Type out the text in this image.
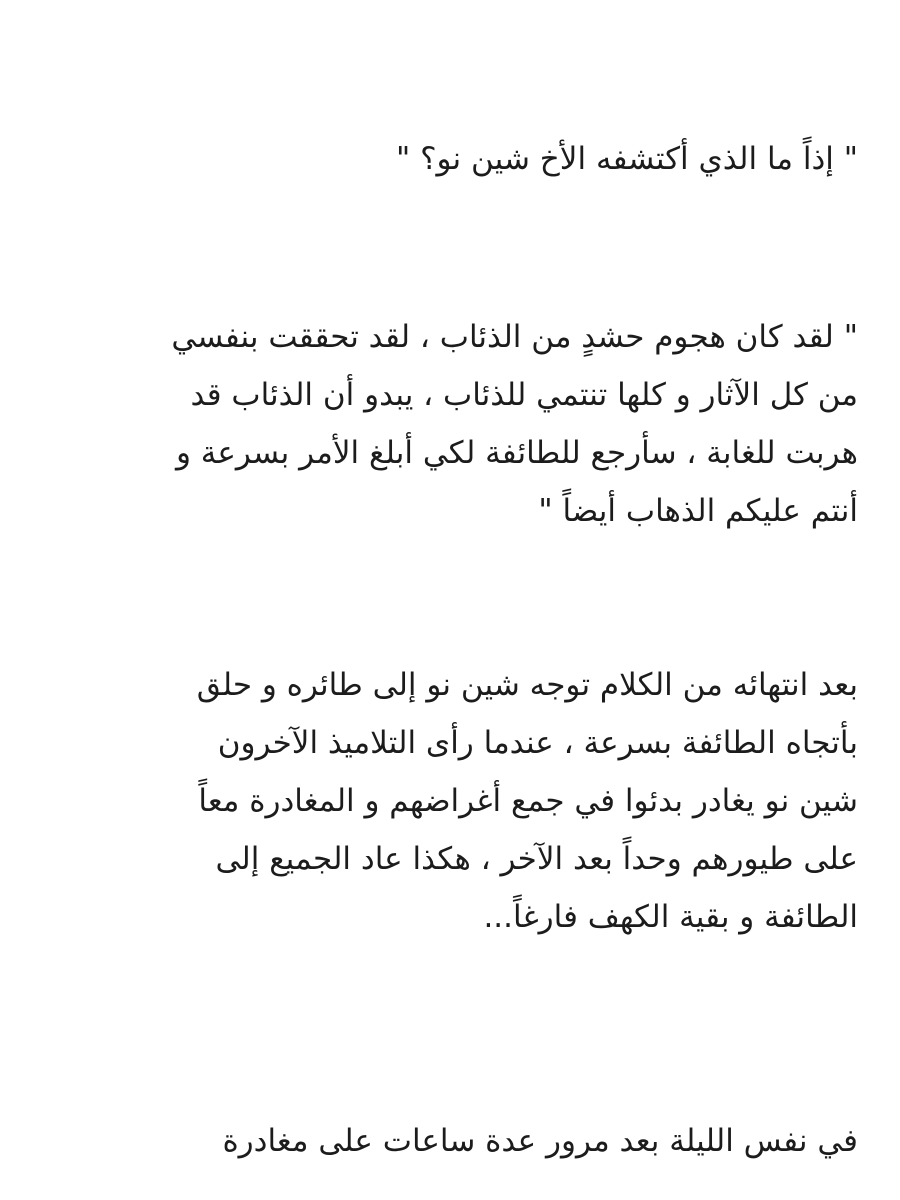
" إذاً ما الذي أكتشفه الأخ شين نو؟ "

" لقد كان هجوم حشدٍ من الذئاب ، لقد تحققت بنفسي
من كل الآثار و كلها تنتمي للذئاب ، يبدو أن الذئاب قد
هربت للغابة ، سأرجع للطائفة لكي أبلغ الأمر بسرعة و
أنتم عليكم الذهاب أيضاً "

بعد انتهائه من الكلام توجه شين نو إلى طائره و حلق
بأتجاه الطائفة بسرعة ، عندما رأى التلاميذ الآخرون
شين نو يغادر بدئوا في جمع أغراضهم و المغادرة معاً
على طيورهم وحداً بعد الآخر ، هكذا عاد الجميع إلى
الطائفة و بقية الكهف فارغاً...

في نفس الليلة بعد مرور عدة ساعات على مغادرة
